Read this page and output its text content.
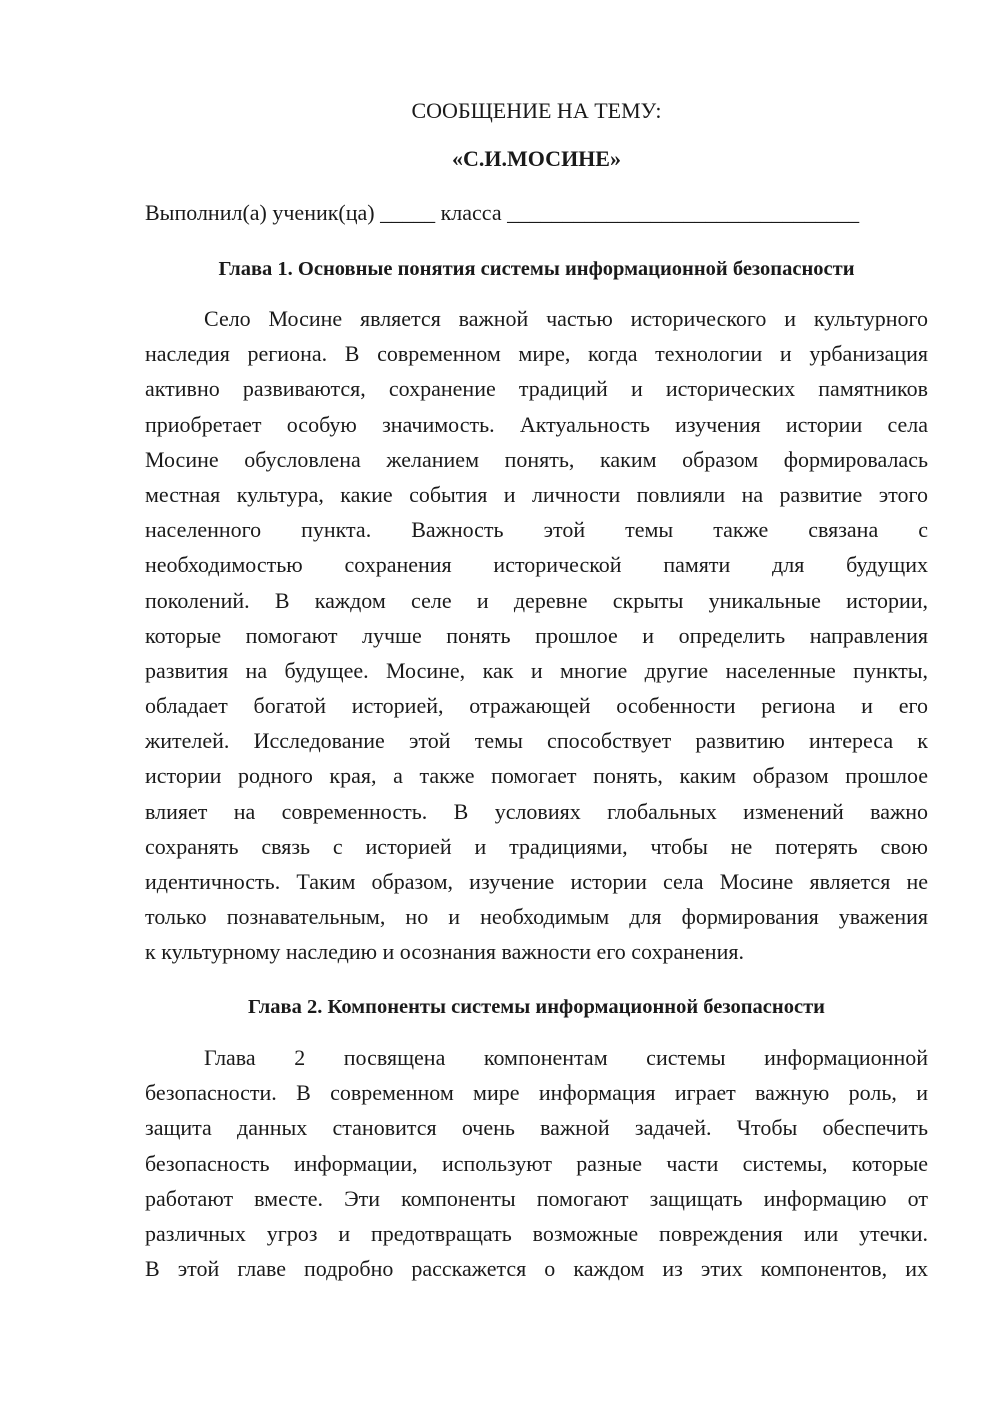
СООБЩЕНИЕ НА ТЕМУ:
«С.И.МОСИНЕ»
Выполнил(а) ученик(ца) _____ класса ________________________________
Глава 1. Основные понятия системы информационной безопасности
Село Мосине является важной частью исторического и культурного
наследия региона. В современном мире, когда технологии и урбанизация
активно развиваются, сохранение традиций и исторических памятников
приобретает особую значимость. Актуальность изучения истории села
Мосине обусловлена желанием понять, каким образом формировалась
местная культура, какие события и личности повлияли на развитие этого
населенного пункта. Важность этой темы также связана с
необходимостью сохранения исторической памяти для будущих
поколений. В каждом селе и деревне скрыты уникальные истории,
которые помогают лучше понять прошлое и определить направления
развития на будущее. Мосине, как и многие другие населенные пункты,
обладает богатой историей, отражающей особенности региона и его
жителей. Исследование этой темы способствует развитию интереса к
истории родного края, а также помогает понять, каким образом прошлое
влияет на современность. В условиях глобальных изменений важно
сохранять связь с историей и традициями, чтобы не потерять свою
идентичность. Таким образом, изучение истории села Мосине является не
только познавательным, но и необходимым для формирования уважения
к культурному наследию и осознания важности его сохранения.
Глава 2. Компоненты системы информационной безопасности
Глава 2 посвящена компонентам системы информационной
безопасности. В современном мире информация играет важную роль, и
защита данных становится очень важной задачей. Чтобы обеспечить
безопасность информации, используют разные части системы, которые
работают вместе. Эти компоненты помогают защищать информацию от
различных угроз и предотвращать возможные повреждения или утечки.
В этой главе подробно расскажется о каждом из этих компонентов, их
